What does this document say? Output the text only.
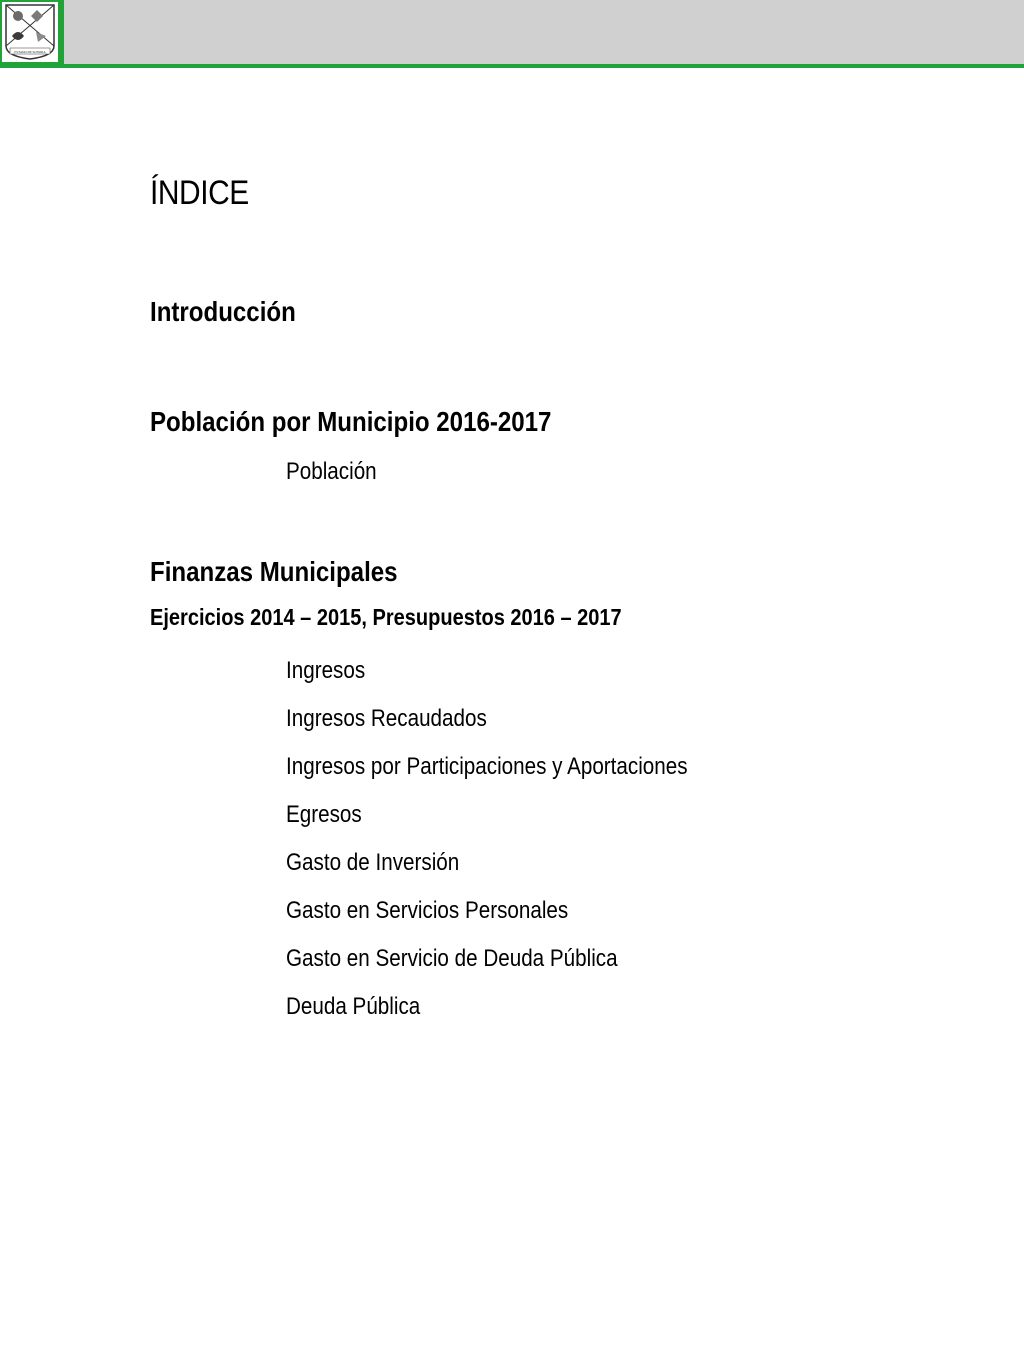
ESTADO DE SONORA
ÍNDICE
Introducción
Población por Municipio 2016-2017
Población
Finanzas Municipales
Ejercicios 2014 – 2015, Presupuestos 2016 – 2017
Ingresos
Ingresos Recaudados
Ingresos por Participaciones y Aportaciones
Egresos
Gasto de Inversión
Gasto en Servicios Personales
Gasto en Servicio de Deuda Pública
Deuda Pública
